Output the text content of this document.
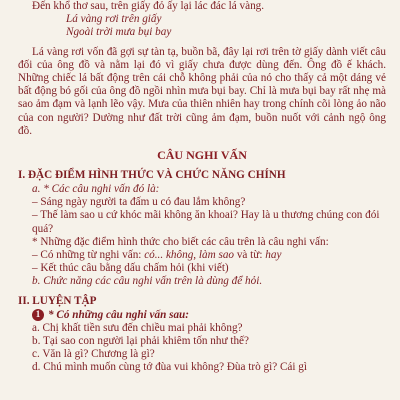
Đến khổ thơ sau, trên giấy đỏ ấy lại lác đác lá vàng.

Lá vàng rơi trên giấy

Ngoài trời mưa bụi bay

Lá vàng rơi vốn đã gợi sự tàn tạ, buồn bã, đây lại rơi trên tờ giấy dành viết câu đối của ông đồ và nằm lại đó vì giấy chưa được dùng đến. Ông đồ ế khách. Những chiếc lá bất động trên cái chỗ không phải của nó cho thấy cả một dáng vẻ bất động bó gối của ông đồ ngồi nhìn mưa bụi bay. Chỉ là mưa bụi bay rất nhẹ mà sao ảm đạm và lạnh lẽo vậy. Mưa của thiên nhiên hay trong chính cõi lòng ảo não của con người? Dường như đất trời cũng ảm đạm, buồn nuốt với cảnh ngộ ông đồ.

CÂU NGHI VẤN
I. ĐẶC ĐIỂM HÌNH THỨC VÀ CHỨC NĂNG CHÍNH

a. * Các câu nghi vấn đó là:

– Sáng ngày người ta đấm u có đau lắm không?

– Thế làm sao u cứ khóc mãi không ăn khoai? Hay là u thương chúng con đói quá?

* Những đặc điểm hình thức cho biết các câu trên là câu nghi vấn:

– Có những từ nghi vấn: có... không, làm sao và từ: hay

– Kết thúc câu bằng dấu chấm hỏi (khi viết)

b. Chức năng các câu nghi vấn trên là dùng để hỏi.

II. LUYỆN TẬP

1 * Có những câu nghi vấn sau:

a. Chị khất tiền sưu đến chiều mai phải không?

b. Tại sao con người lại phải khiêm tốn như thế?

c. Văn là gì? Chương là gì?

d. Chú mình muốn cùng tớ đùa vui không? Đùa trò gì? Cái gì
